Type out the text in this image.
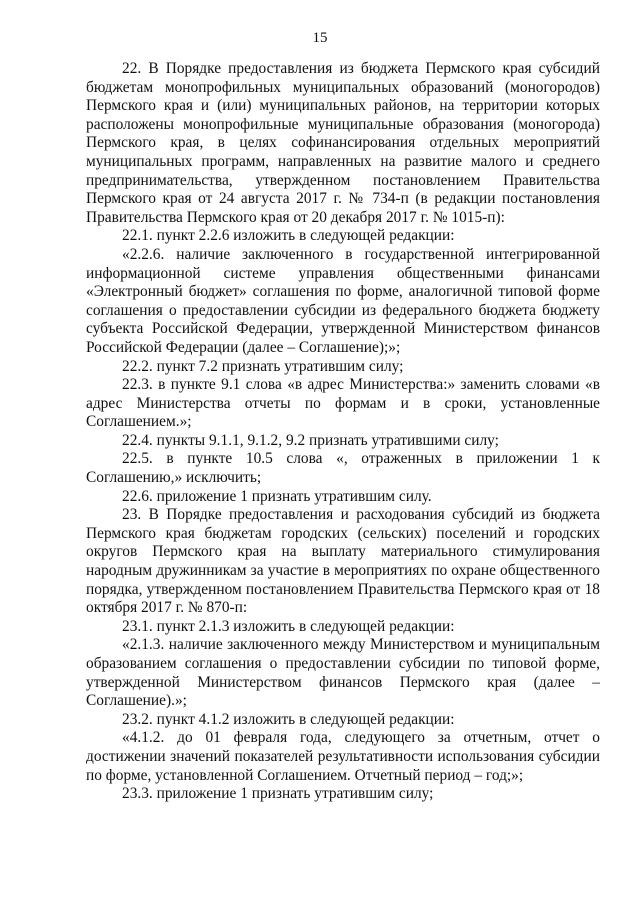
15

22. В Порядке предоставления из бюджета Пермского края субсидий бюджетам монопрофильных муниципальных образований (моногородов) Пермского края и (или) муниципальных районов, на территории которых расположены монопрофильные муниципальные образования (моногорода) Пермского края, в целях софинансирования отдельных мероприятий муниципальных программ, направленных на развитие малого и среднего предпринимательства, утвержденном постановлением Правительства Пермского края от 24 августа 2017 г. № 734-п (в редакции постановления Правительства Пермского края от 20 декабря 2017 г. № 1015-п):

22.1. пункт 2.2.6 изложить в следующей редакции:

«2.2.6. наличие заключенного в государственной интегрированной информационной системе управления общественными финансами «Электронный бюджет» соглашения по форме, аналогичной типовой форме соглашения о предоставлении субсидии из федерального бюджета бюджету субъекта Российской Федерации, утвержденной Министерством финансов Российской Федерации (далее – Соглашение);»;

22.2. пункт 7.2 признать утратившим силу;

22.3. в пункте 9.1 слова «в адрес Министерства:» заменить словами «в адрес Министерства отчеты по формам и в сроки, установленные Соглашением.»;

22.4. пункты 9.1.1, 9.1.2, 9.2 признать утратившими силу;

22.5. в пункте 10.5 слова «, отраженных в приложении 1 к Соглашению,» исключить;

22.6. приложение 1 признать утратившим силу.

23. В Порядке предоставления и расходования субсидий из бюджета Пермского края бюджетам городских (сельских) поселений и городских округов Пермского края на выплату материального стимулирования народным дружинникам за участие в мероприятиях по охране общественного порядка, утвержденном постановлением Правительства Пермского края от 18 октября 2017 г. № 870-п:

23.1. пункт 2.1.3 изложить в следующей редакции:

«2.1.3. наличие заключенного между Министерством и муниципальным образованием соглашения о предоставлении субсидии по типовой форме, утвержденной Министерством финансов Пермского края (далее – Соглашение).»;

23.2. пункт 4.1.2 изложить в следующей редакции:

«4.1.2. до 01 февраля года, следующего за отчетным, отчет о достижении значений показателей результативности использования субсидии по форме, установленной Соглашением. Отчетный период – год;»;

23.3. приложение 1 признать утратившим силу;
